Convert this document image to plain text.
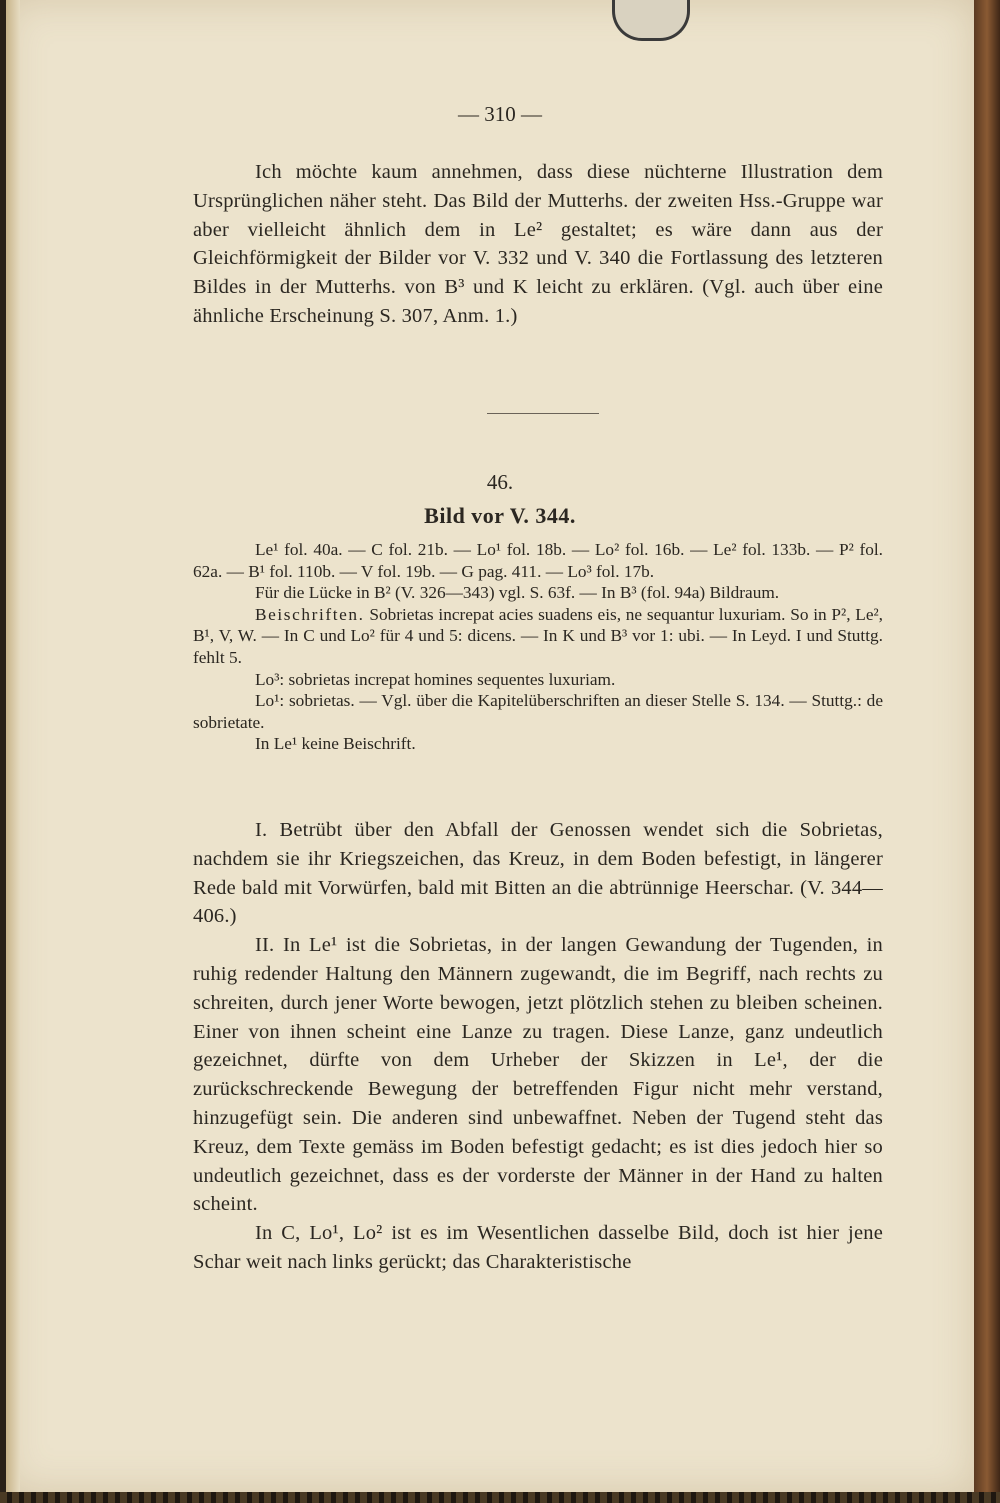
— 310 —

Ich möchte kaum annehmen, dass diese nüchterne Illustration dem Ursprünglichen näher steht. Das Bild der Mutterhs. der zweiten Hss.-Gruppe war aber vielleicht ähnlich dem in Le² gestaltet; es wäre dann aus der Gleichförmigkeit der Bilder vor V. 332 und V. 340 die Fortlassung des letzteren Bildes in der Mutterhs. von B³ und K leicht zu erklären. (Vgl. auch über eine ähnliche Erscheinung S. 307, Anm. 1.)

46.
Bild vor V. 344.

Le¹ fol. 40a. — C fol. 21b. — Lo¹ fol. 18b. — Lo² fol. 16b. — Le² fol. 133b. — P² fol. 62a. — B¹ fol. 110b. — V fol. 19b. — G pag. 411. — Lo³ fol. 17b.

Für die Lücke in B² (V. 326—343) vgl. S. 63f. — In B³ (fol. 94a) Bildraum.

Beischriften. Sobrietas increpat acies suadens eis, ne sequantur luxuriam. So in P², Le², B¹, V, W. — In C und Lo² für 4 und 5: dicens. — In K und B³ vor 1: ubi. — In Leyd. I und Stuttg. fehlt 5.

Lo³: sobrietas increpat homines sequentes luxuriam.

Lo¹: sobrietas. — Vgl. über die Kapitelüberschriften an dieser Stelle S. 134. — Stuttg.: de sobrietate.

In Le¹ keine Beischrift.

I. Betrübt über den Abfall der Genossen wendet sich die Sobrietas, nachdem sie ihr Kriegszeichen, das Kreuz, in dem Boden befestigt, in längerer Rede bald mit Vorwürfen, bald mit Bitten an die abtrünnige Heerschar. (V. 344—406.)

II. In Le¹ ist die Sobrietas, in der langen Gewandung der Tugenden, in ruhig redender Haltung den Männern zugewandt, die im Begriff, nach rechts zu schreiten, durch jener Worte bewogen, jetzt plötzlich stehen zu bleiben scheinen. Einer von ihnen scheint eine Lanze zu tragen. Diese Lanze, ganz undeutlich gezeichnet, dürfte von dem Urheber der Skizzen in Le¹, der die zurückschreckende Bewegung der betreffenden Figur nicht mehr verstand, hinzugefügt sein. Die anderen sind unbewaffnet. Neben der Tugend steht das Kreuz, dem Texte gemäss im Boden befestigt gedacht; es ist dies jedoch hier so undeutlich gezeichnet, dass es der vorderste der Männer in der Hand zu halten scheint.

In C, Lo¹, Lo² ist es im Wesentlichen dasselbe Bild, doch ist hier jene Schar weit nach links gerückt; das Charakteristische
